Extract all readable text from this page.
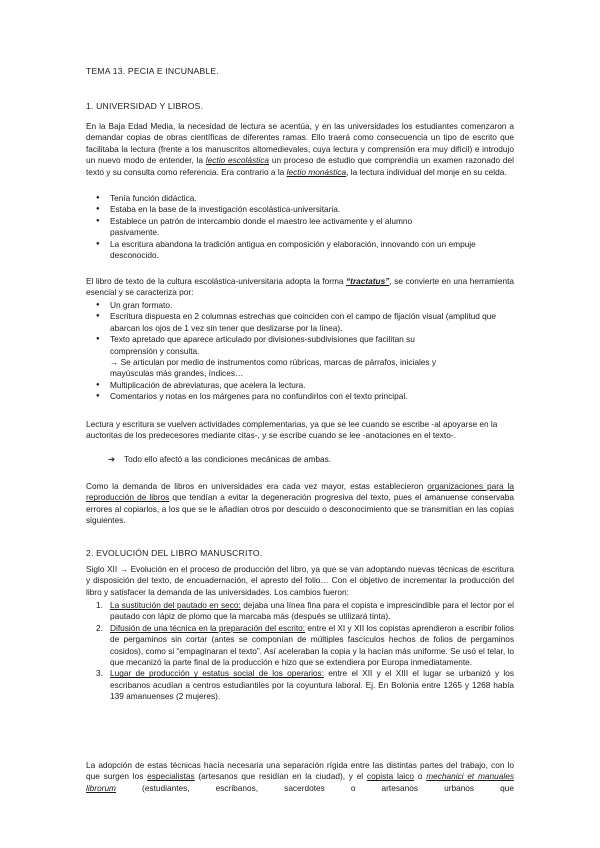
TEMA 13. PECIA E INCUNABLE.
1. UNIVERSIDAD Y LIBROS.

En la Baja Edad Media, la necesidad de lectura se acentúa, y en las universidades los estudiantes comenzaron a demandar copias de obras científicas de diferentes ramas. Ello traerá como consecuencia un tipo de escrito que facilitaba la lectura (frente a los manuscritos altomedievales, cuya lectura y comprensión era muy difícil) e introdujo un nuevo modo de entender, la lectio escolástica un proceso de estudio que comprendía un examen razonado del texto y su consulta como referencia. Era contrario a la lectio monástica, la lectura individual del monje en su celda.

● Tenía función didáctica.
● Estaba en la base de la investigación escolástica-universitaria.
● Establece un patrón de intercambio donde el maestro lee activamente y el alumno pasivamente.
● La escritura abandona la tradición antigua en composición y elaboración, innovando con un empuje desconocido.

El libro de texto de la cultura escolástica-universitaria adopta la forma “tractatus”, se convierte en una herramienta esencial y se caracteriza por:

● Un gran formato.
● Escritura dispuesta en 2 columnas estrechas que coinciden con el campo de fijación visual (amplitud que abarcan los ojos de 1 vez sin tener que deslizarse por la línea).
● Texto apretado que aparece articulado por divisiones-subdivisiones que facilitan su comprensión y consulta.
→ Se articulan por medio de instrumentos como rúbricas, marcas de párrafos, iniciales y mayúsculas más grandes, índices…
● Multiplicación de abreviaturas, que acelera la lectura.
● Comentarios y notas en los márgenes para no confundirlos con el texto principal.

Lectura y escritura se vuelven actividades complementarias, ya que se lee cuando se escribe -al apoyarse en la auctoritas de los predecesores mediante citas-, y se escribe cuando se lee -anotaciones en el texto-.

➔ Todo ello afectó a las condiciones mecánicas de ambas.

Como la demanda de libros en universidades era cada vez mayor, estas establecieron organizaciones para la reproducción de libros que tendían a evitar la degeneración progresiva del texto, pues el amanuense conservaba errores al copiarlos, a los que se le añadían otros por descuido o desconocimiento que se transmitían en las copias siguientes.

2. EVOLUCIÓN DEL LIBRO MANUSCRITO.

Siglo XII → Evolución en el proceso de producción del libro, ya que se van adoptando nuevas técnicas de escritura y disposición del texto, de encuadernación, el apresto del folio… Con el objetivo de incrementar la producción del libro y satisfacer la demanda de las universidades. Los cambios fueron:

1. La sustitución del pautado en seco: dejaba una línea fina para el copista e imprescindible para el lector por el pautado con lápiz de plomo que la marcaba más (después se utilizará tinta).
2. Difusión de una técnica en la preparación del escrito: entre el XI y XII los copistas aprendieron a escribir folios de pergaminos sin cortar (antes se componían de múltiples fascículos hechos de folios de pergaminos cosidos), como si “empaginaran el texto”. Así aceleraban la copia y la hacían más uniforme. Se usó el telar, lo que mecanizó la parte final de la producción e hizo que se extendiera por Europa inmediatamente.
3. Lugar de producción y estatus social de los operarios: entre el XII y el XIII el lugar se urbanizó y los escribanos acudían a centros estudiantiles por la coyuntura laboral. Ej. En Bolonia entre 1265 y 1268 había 139 amanuenses (2 mujeres).

La adopción de estas técnicas hacía necesaria una separación rígida entre las distintas partes del trabajo, con lo que surgen los especialistas (artesanos que residían en la ciudad), y el copista laico o mechanici et manuales librorum (estudiantes, escribanos, sacerdotes o artesanos urbanos que
